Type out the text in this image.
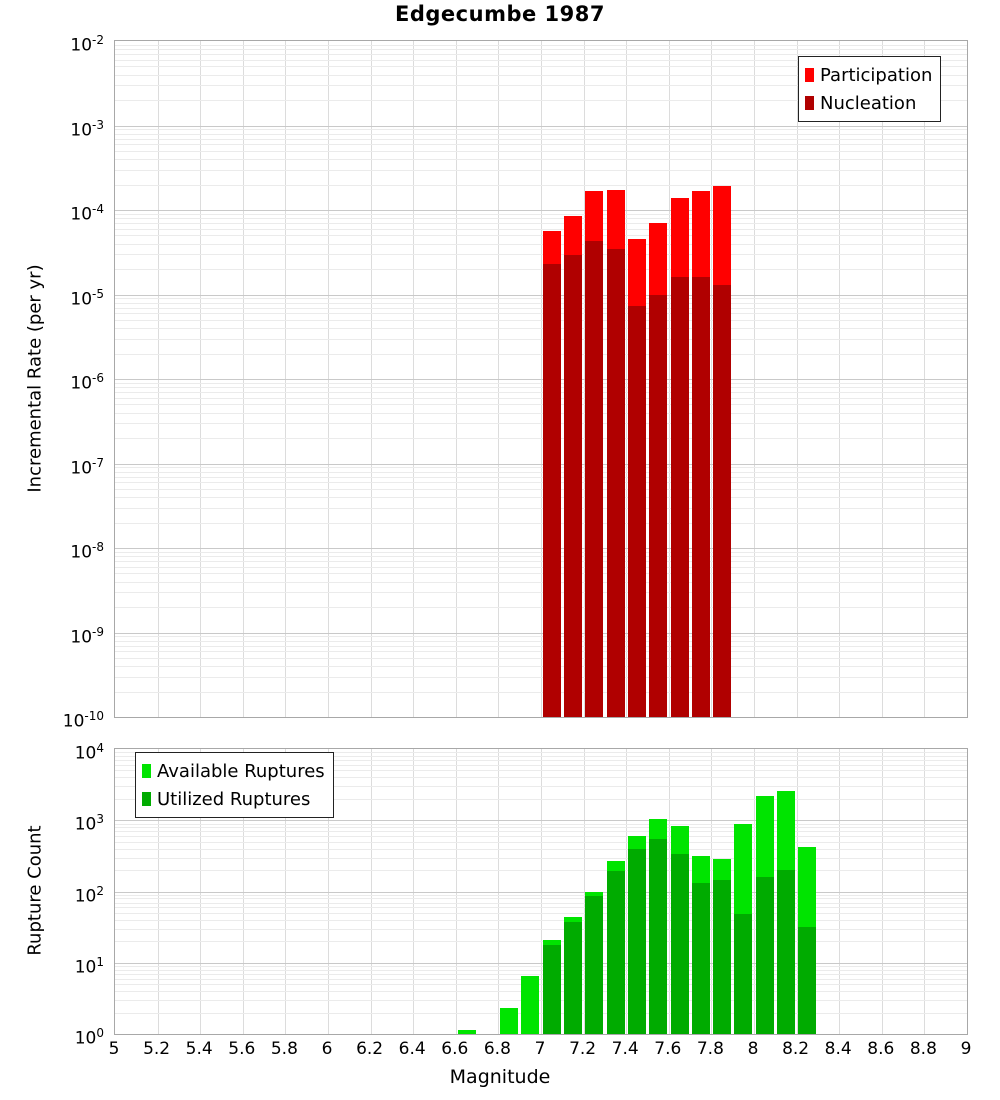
Edgecumbe 1987
Incremental Rate (per yr)
Rupture Count
Magnitude
Participation
Nucleation
Available Ruptures
Utilized Ruptures
$10^{-2}$
$10^{-3}$
$10^{-4}$
$10^{-5}$
$10^{-6}$
$10^{-7}$
$10^{-8}$
$10^{-9}$
$10^{-10}$
$10^4$
$10^3$
$10^2$
$10^1$
$10^0$
5	5.2 5.4 5.6 5.8	6	6.2 6.4 6.6 6.8	7	7.2 7.4 7.6 7.8	8	8.2 8.4 8.6 8.8	9
